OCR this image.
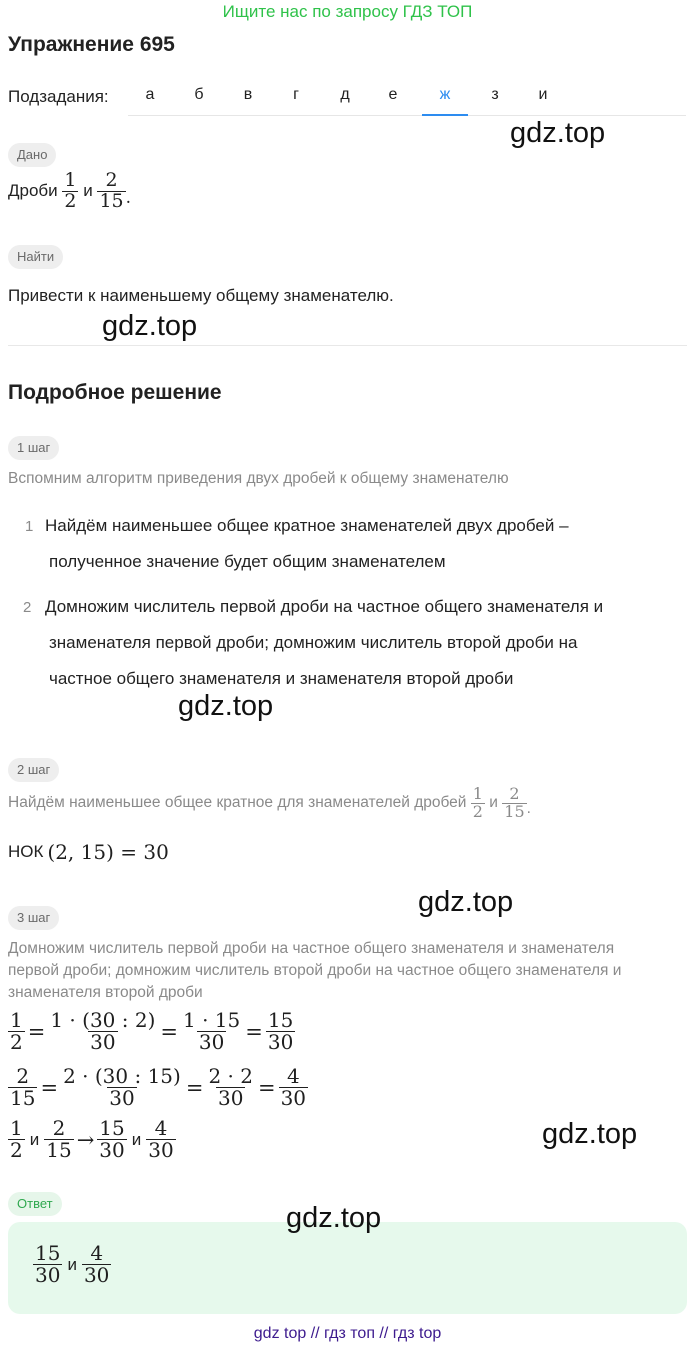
Ищите нас по запросу ГДЗ ТОП
Упражнение 695
Подзадания:	а	б	в	г	д	е	ж	з	и
gdz.top
Дано
Дроби
$\frac{1}{2}$
и
$\frac{2}{15}$ .
Найти
Привести к наименьшему общему знаменателю.
gdz.top
Подробное решение
1 шаг
Вспомним алгоритм приведения двух дробей к общему знаменателю
1 Найдём наименьшее общее кратное знаменателей двух дробей –
полученное значение будет общим знаменателем
2 Домножим числитель первой дроби на частное общего знаменателя и
знаменателя первой дроби; домножим числитель второй дроби на
частное общего знаменателя и знаменателя второй дроби
gdz.top
2 шаг
Найдём наименьшее общее кратное для знаменателей дробей
$\frac{1}{2}$
и
$\frac{2}{15}$ .
НОК (2, 15) = 30
gdz.top
3 шаг
Домножим числитель первой дроби на частное общего знаменателя и знаменателя
первой дроби; домножим числитель второй дроби на частное общего знаменателя и
знаменателя второй дроби
$\frac{1}{2} = \frac{1 \cdot (30 : 2)}{30} = \frac{1 \cdot 15}{30} = \frac{15}{30}$
$\frac{2}{15} = \frac{2 \cdot (30 : 15)}{30} = \frac{2 \cdot 2}{30} = \frac{4}{30}$
$\frac{1}{2}$ и $\frac{2}{15} \to \frac{15}{30}$ и $\frac{4}{30}$	gdz.top
Ответ
$\frac{15}{30}$ и $\frac{4}{30}$
gdz.top
gdz top // гдз топ // гдз top
